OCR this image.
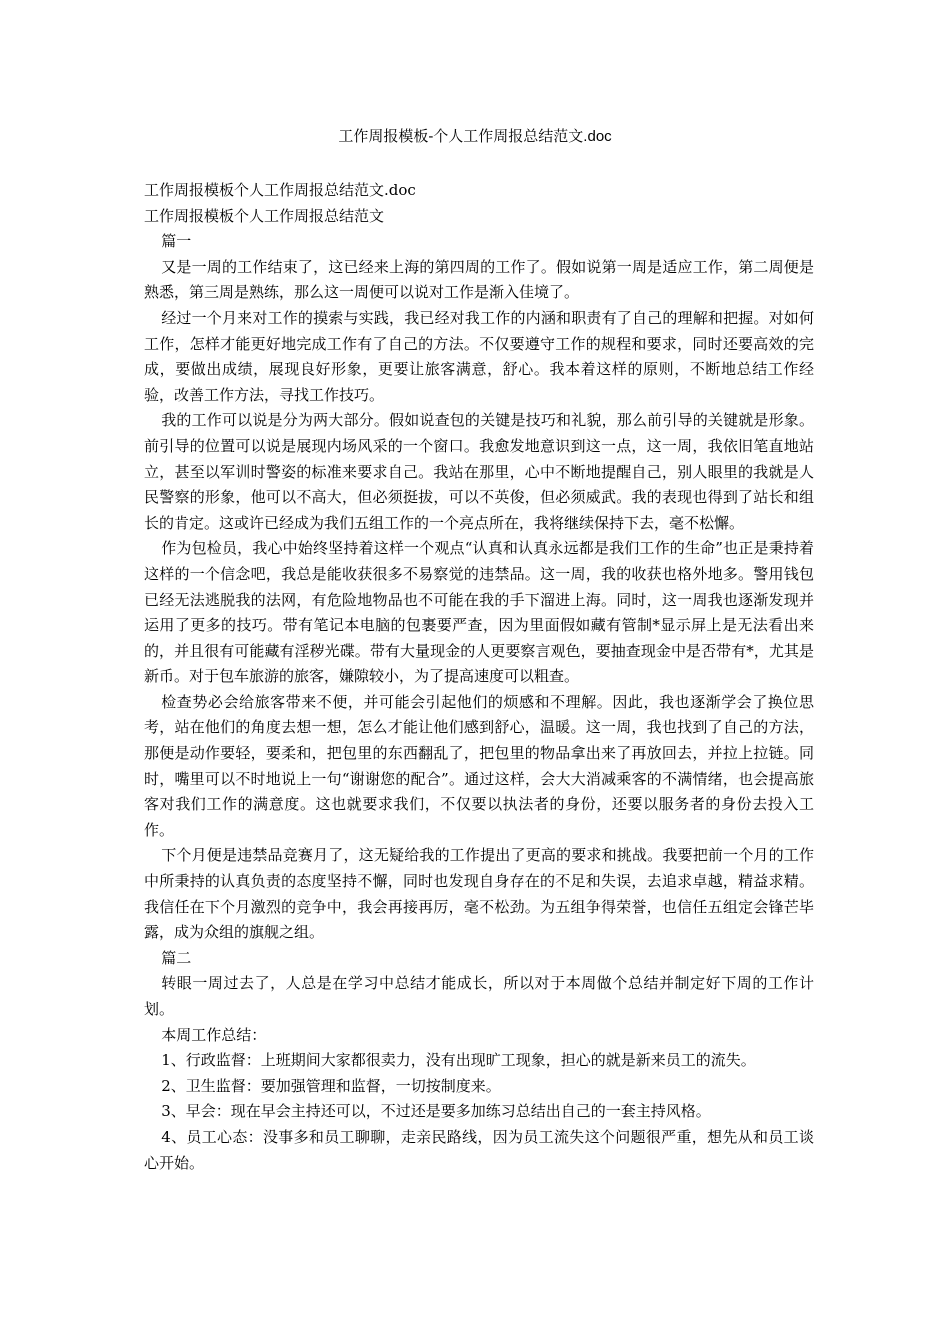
工作周报模板-个人工作周报总结范文.doc

工作周报模板个人工作周报总结范文.doc

工作周报模板个人工作周报总结范文

篇一

又是一周的工作结束了，这已经来上海的第四周的工作了。假如说第一周是适应工作，第二周便是熟悉，第三周是熟练，那么这一周便可以说对工作是渐入佳境了。

经过一个月来对工作的摸索与实践，我已经对我工作的内涵和职责有了自己的理解和把握。对如何工作，怎样才能更好地完成工作有了自己的方法。不仅要遵守工作的规程和要求，同时还要高效的完成，要做出成绩，展现良好形象，更要让旅客满意，舒心。我本着这样的原则，不断地总结工作经验，改善工作方法，寻找工作技巧。

我的工作可以说是分为两大部分。假如说查包的关键是技巧和礼貌，那么前引导的关键就是形象。前引导的位置可以说是展现内场风采的一个窗口。我愈发地意识到这一点，这一周，我依旧笔直地站立，甚至以军训时警姿的标准来要求自己。我站在那里，心中不断地提醒自己，别人眼里的我就是人民警察的形象，他可以不高大，但必须挺拔，可以不英俊，但必须威武。我的表现也得到了站长和组长的肯定。这或许已经成为我们五组工作的一个亮点所在，我将继续保持下去，毫不松懈。

作为包检员，我心中始终坚持着这样一个观点“认真和认真永远都是我们工作的生命”也正是秉持着这样的一个信念吧，我总是能收获很多不易察觉的违禁品。这一周，我的收获也格外地多。警用钱包已经无法逃脱我的法网，有危险地物品也不可能在我的手下溜进上海。同时，这一周我也逐渐发现并运用了更多的技巧。带有笔记本电脑的包裹要严查，因为里面假如藏有管制*显示屏上是无法看出来的，并且很有可能藏有淫秽光碟。带有大量现金的人更要察言观色，要抽查现金中是否带有*，尤其是新币。对于包车旅游的旅客，嫌隙较小，为了提高速度可以粗查。

检查势必会给旅客带来不便，并可能会引起他们的烦感和不理解。因此，我也逐渐学会了换位思考，站在他们的角度去想一想，怎么才能让他们感到舒心，温暖。这一周，我也找到了自己的方法，那便是动作要轻，要柔和，把包里的东西翻乱了，把包里的物品拿出来了再放回去，并拉上拉链。同时，嘴里可以不时地说上一句“谢谢您的配合”。通过这样，会大大消减乘客的不满情绪，也会提高旅客对我们工作的满意度。这也就要求我们，不仅要以执法者的身份，还要以服务者的身份去投入工作。

下个月便是违禁品竞赛月了，这无疑给我的工作提出了更高的要求和挑战。我要把前一个月的工作中所秉持的认真负责的态度坚持不懈，同时也发现自身存在的不足和失误，去追求卓越，精益求精。我信任在下个月激烈的竞争中，我会再接再厉，毫不松劲。为五组争得荣誉，也信任五组定会锋芒毕露，成为众组的旗舰之组。

篇二

转眼一周过去了，人总是在学习中总结才能成长，所以对于本周做个总结并制定好下周的工作计划。

本周工作总结：

1、行政监督：上班期间大家都很卖力，没有出现旷工现象，担心的就是新来员工的流失。

2、卫生监督：要加强管理和监督，一切按制度来。

3、早会：现在早会主持还可以，不过还是要多加练习总结出自己的一套主持风格。

4、员工心态：没事多和员工聊聊，走亲民路线，因为员工流失这个问题很严重，想先从和员工谈心开始。
